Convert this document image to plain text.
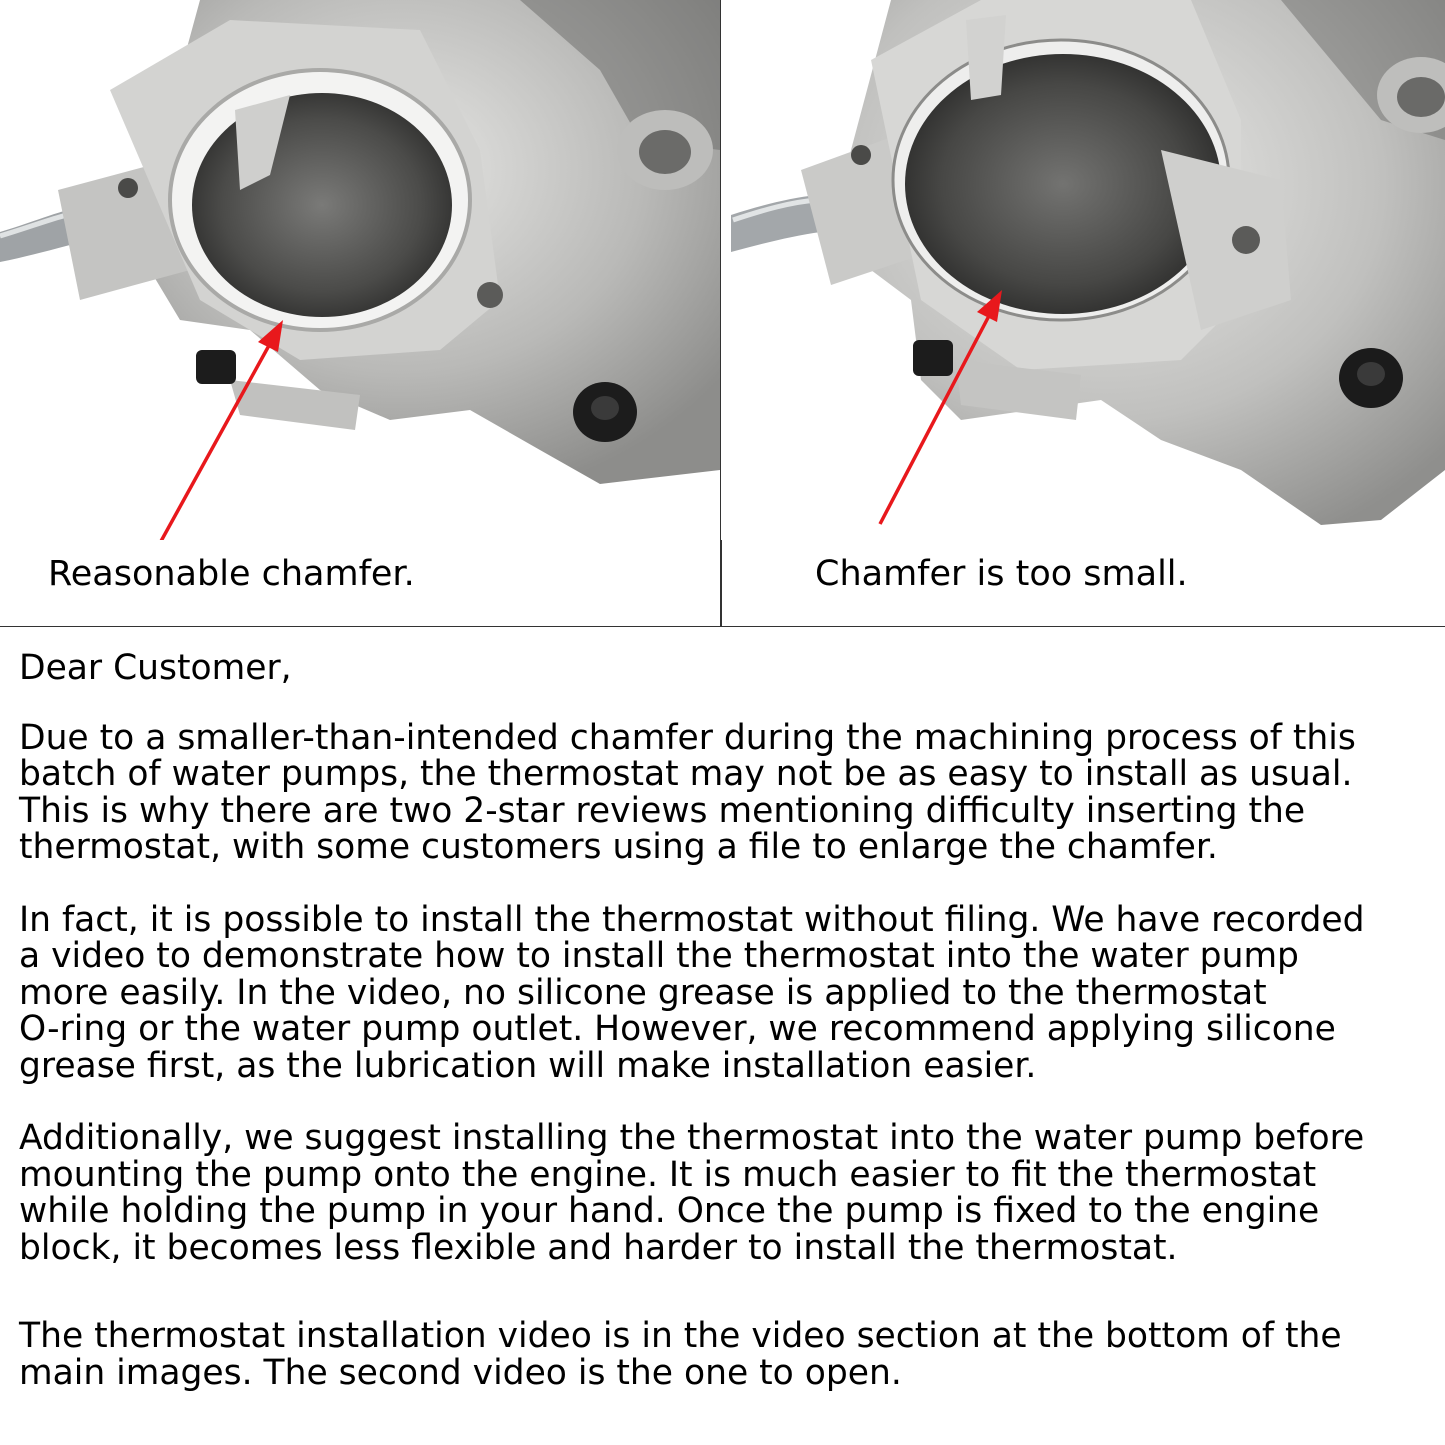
Reasonable chamfer.	Chamfer is too small.

Dear Customer,

Due to a smaller-than-intended chamfer during the machining process of this
batch of water pumps, the thermostat may not be as easy to install as usual.
This is why there are two 2-star reviews mentioning difficulty inserting the
thermostat, with some customers using a file to enlarge the chamfer.

In fact, it is possible to install the thermostat without filing. We have recorded
a video to demonstrate how to install the thermostat into the water pump
more easily. In the video, no silicone grease is applied to the thermostat
O-ring or the water pump outlet. However, we recommend applying silicone
grease first, as the lubrication will make installation easier.

Additionally, we suggest installing the thermostat into the water pump before
mounting the pump onto the engine. It is much easier to fit the thermostat
while holding the pump in your hand. Once the pump is fixed to the engine
block, it becomes less flexible and harder to install the thermostat.

The thermostat installation video is in the video section at the bottom of the
main images. The second video is the one to open.
